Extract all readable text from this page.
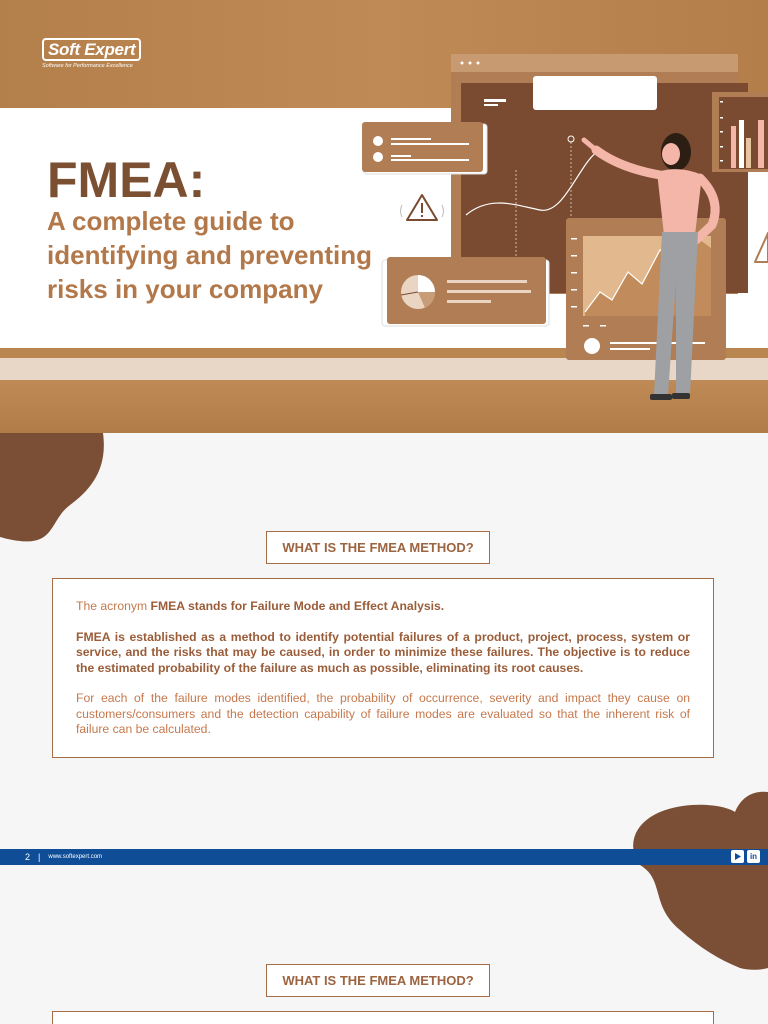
Soft Expert
Software for Performance Excellence
FMEA:
A complete guide to identifying and preventing risks in your company
WHAT IS THE FMEA METHOD?

The acronym FMEA stands for Failure Mode and Effect Analysis.

FMEA is established as a method to identify potential failures of a product, project, process, system or service, and the risks that may be caused, in order to minimize these failures. The objective is to reduce the estimated probability of the failure as much as possible, eliminating its root causes.

For each of the failure modes identified, the probability of occurrence, severity and impact they cause on customers/consumers and the detection capability of failure modes are evaluated so that the inherent risk of failure can be calculated.

2 | www.softexpert.com	in
WHAT IS THE FMEA METHOD?
